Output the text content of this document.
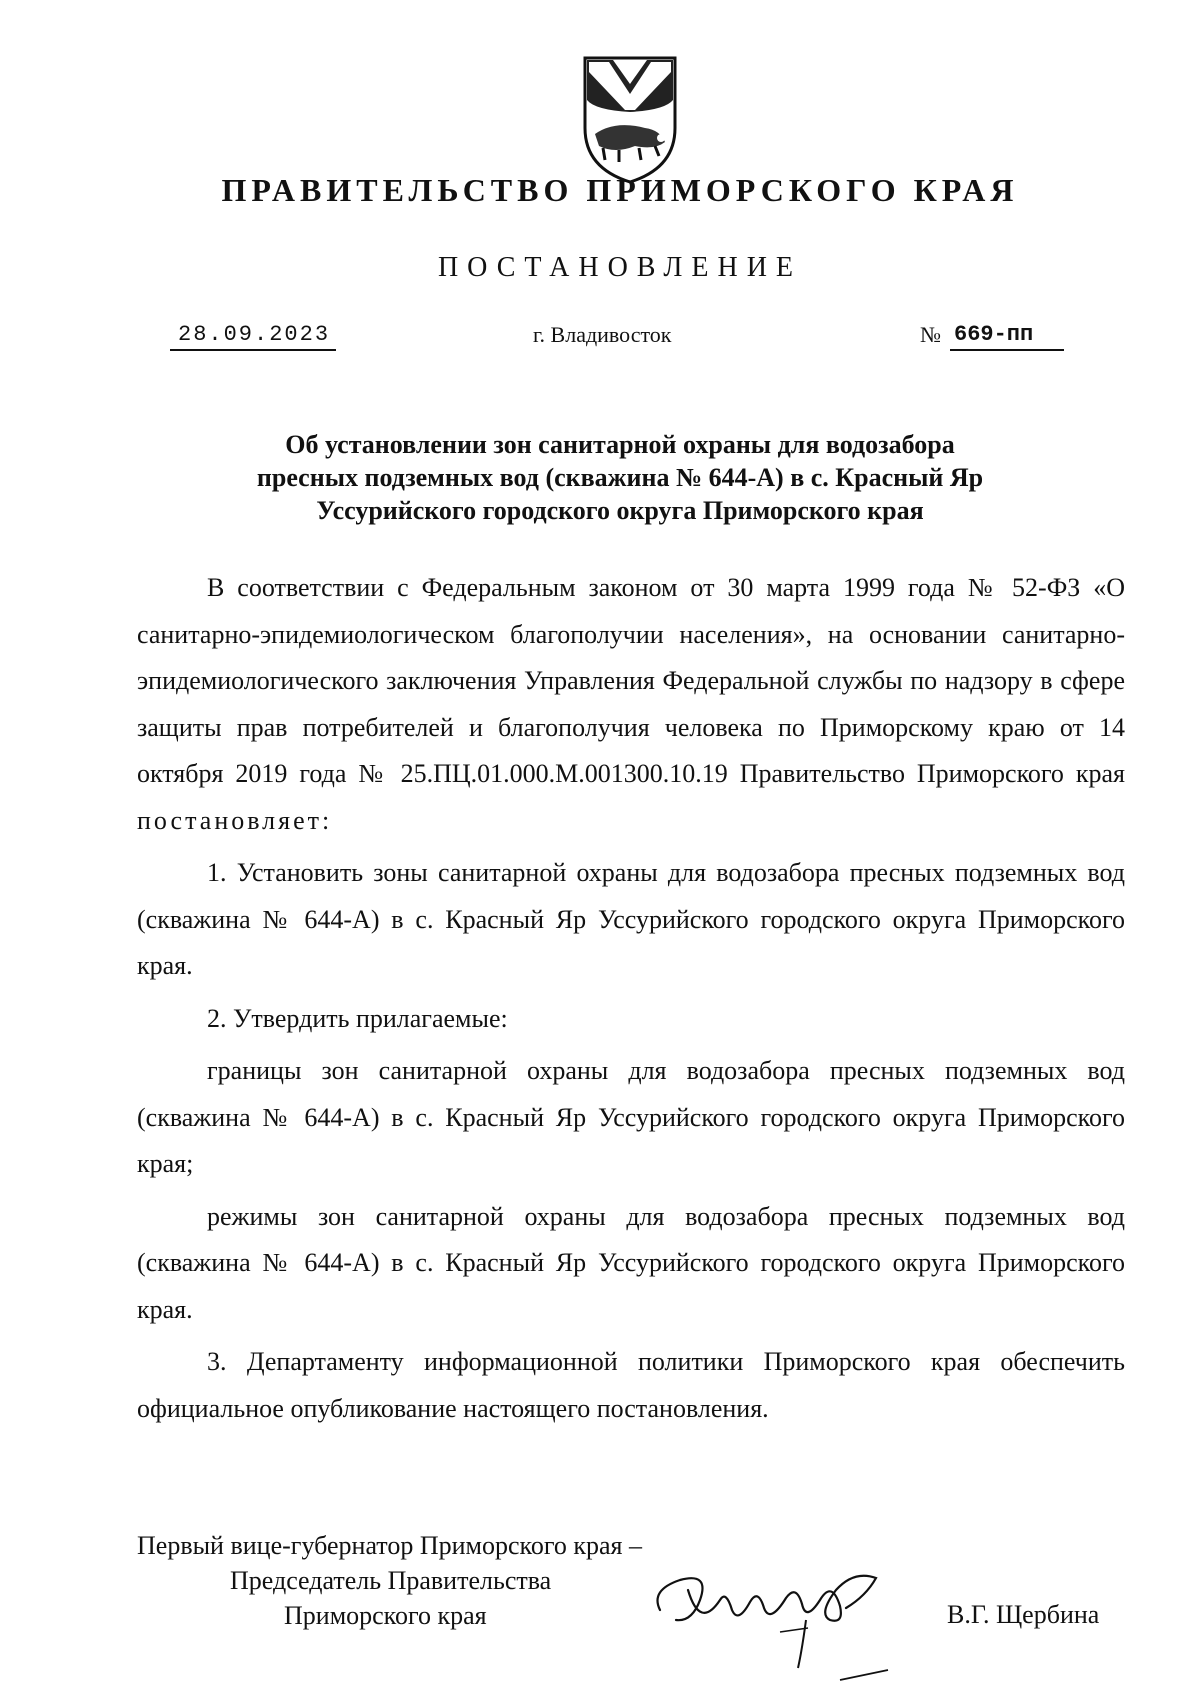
ПРАВИТЕЛЬСТВО ПРИМОРСКОГО КРАЯ
ПОСТАНОВЛЕНИЕ
28.09.2023	г. Владивосток	№ 669-пп
Об установлении зон санитарной охраны для водозабора
пресных подземных вод (скважина № 644-А) в с. Красный Яр
Уссурийского городского округа Приморского края

В соответствии с Федеральным законом от 30 марта 1999 года № 52-ФЗ «О санитарно-эпидемиологическом благополучии населения», на основании санитарно-эпидемиологического заключения Управления Федеральной службы по надзору в сфере защиты прав потребителей и благополучия человека по Приморскому краю от 14 октября 2019 года № 25.ПЦ.01.000.М.001300.10.19 Правительство Приморского края постановляет:

1. Установить зоны санитарной охраны для водозабора пресных подземных вод (скважина № 644-А) в с. Красный Яр Уссурийского городского округа Приморского края.

2. Утвердить прилагаемые:

границы зон санитарной охраны для водозабора пресных подземных вод (скважина № 644-А) в с. Красный Яр Уссурийского городского округа Приморского края;

режимы зон санитарной охраны для водозабора пресных подземных вод (скважина № 644-А) в с. Красный Яр Уссурийского городского округа Приморского края.

3. Департаменту информационной политики Приморского края обеспечить официальное опубликование настоящего постановления.

Первый вице-губернатор Приморского края –
Председатель Правительства
Приморского края	В.Г. Щербина
